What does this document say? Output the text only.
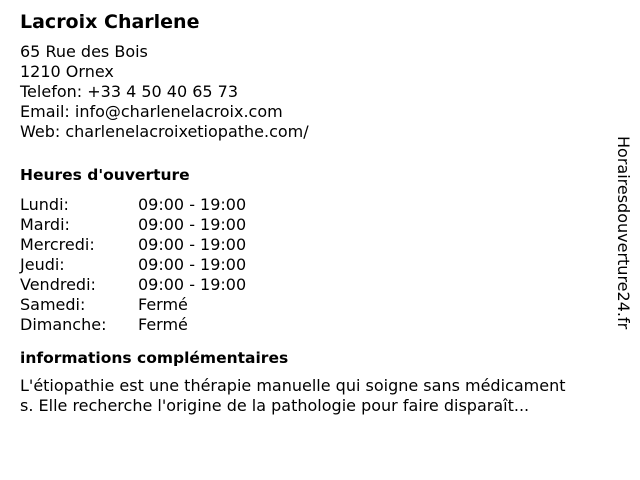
Lacroix Charlene
65 Rue des Bois
1210 Ornex
Telefon: +33 4 50 40 65 73
Email: info@charlenelacroix.com
Web: charlenelacroixetiopathe.com/
Heures d'ouverture
Lundi:	09:00 - 19:00
Mardi:	09:00 - 19:00
Mercredi:	09:00 - 19:00
Jeudi:	09:00 - 19:00
Vendredi:	09:00 - 19:00
Samedi:	Fermé
Dimanche: Fermé
informations complémentaires
L'étiopathie est une thérapie manuelle qui soigne sans médicament
s. Elle recherche l'origine de la pathologie pour faire disparaît...
Horairesdouverture24.fr
